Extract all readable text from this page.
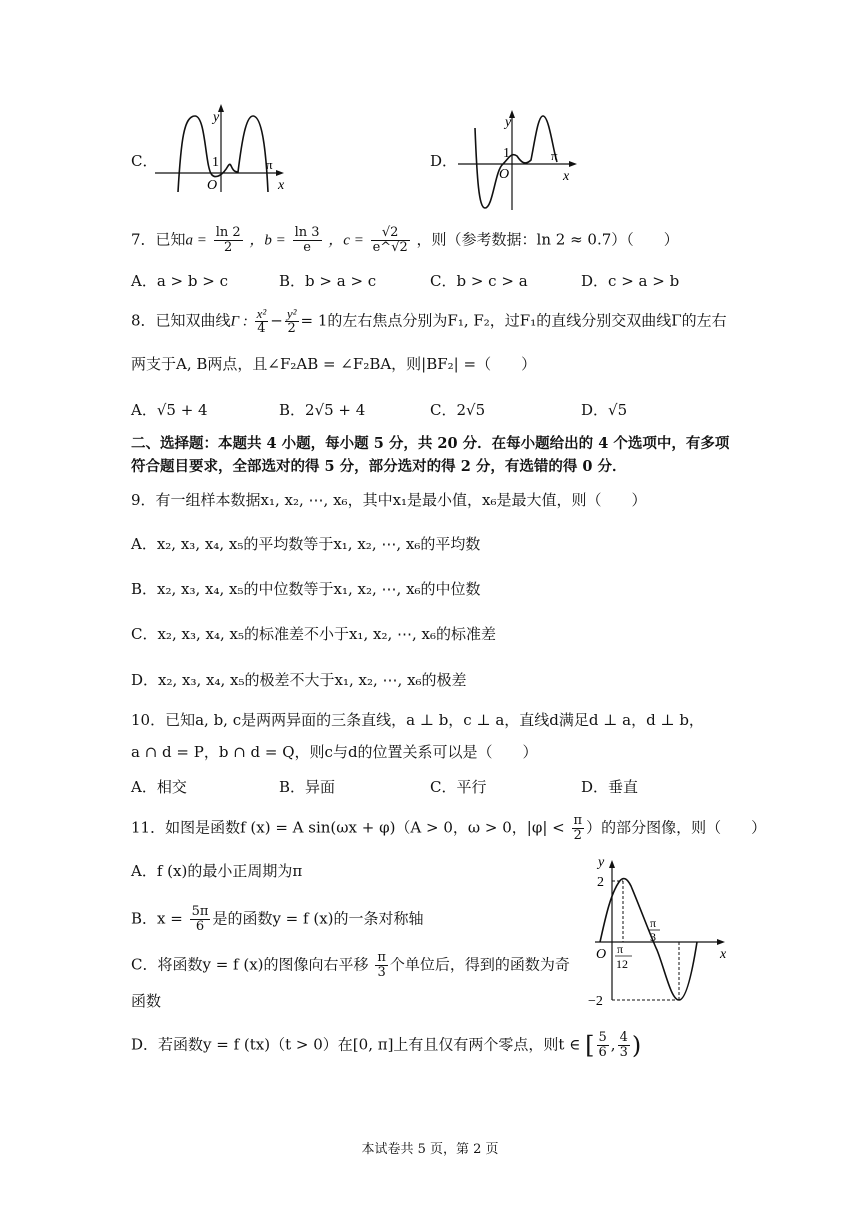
C．
y
x
O
1	π	D．
y
x
O
1	π
7．已知$a = \frac{\ln 2}{2}$ ，$b = \frac{\ln 3}{e}$ ，$c = \frac{√2}{e\^{}√2}$ ，则（参考数据：ln 2 ≈ 0.7）（　　）
A．a > b > c	B．b > a > c	C．b > c > a	D．c > a > b
8．已知双曲线Γ : $\frac{\text{x²}}{4} - \frac{\text{y²}}{2} = 1$的左右焦点分别为F₁, F₂，过F₁的直线分别交双曲线Γ的左右
两支于A, B两点，且∠F₂AB = ∠F₂BA，则|BF₂| =（　　）
A．√5 + 4	B．2√5 + 4	C．2√5	D．√5
二、选择题：本题共 4 小题，每小题 5 分，共 20 分．在每小题给出的 4 个选项中，有多项
符合题目要求，全部选对的得 5 分，部分选对的得 2 分，有选错的得 0 分．
9．有一组样本数据x₁, x₂, ⋯, x₆，其中x₁是最小值，x₆是最大值，则（　　）
A．x₂, x₃, x₄, x₅的平均数等于x₁, x₂, ⋯, x₆的平均数
B．x₂, x₃, x₄, x₅的中位数等于x₁, x₂, ⋯, x₆的中位数
C．x₂, x₃, x₄, x₅的标准差不小于x₁, x₂, ⋯, x₆的标准差
D．x₂, x₃, x₄, x₅的极差不大于x₁, x₂, ⋯, x₆的极差
10．已知a, b, c是两两异面的三条直线，a ⊥ b，c ⊥ a，直线d满足d ⊥ a，d ⊥ b，
a ∩ d = P，b ∩ d = Q，则c与d的位置关系可以是（　　）
A．相交	B．异面	C．平行	D．垂直
11．如图是函数f (x) = A sin(ωx + φ)（A > 0，ω > 0，$|\varphi| < \frac{\pi}{2}$ ）的部分图像，则（　　）
A．f (x)的最小正周期为π
B．$x = \frac{5\pi}{6}$ 是的函数y = f (x)的一条对称轴
C．将函数y = f (x)的图像向右平移 $\frac{\pi}{3}$ 个单位后，得到的函数为奇
函数
D．若函数y = f (tx)（t > 0）在[0, π]上有且仅有两个零点，则t ∈ [ $\frac{5}{6}$ , $\frac{4}{3}$ )
y
x
O
2
−2
π
12
π
3
本试卷共 5 页，第 2 页
